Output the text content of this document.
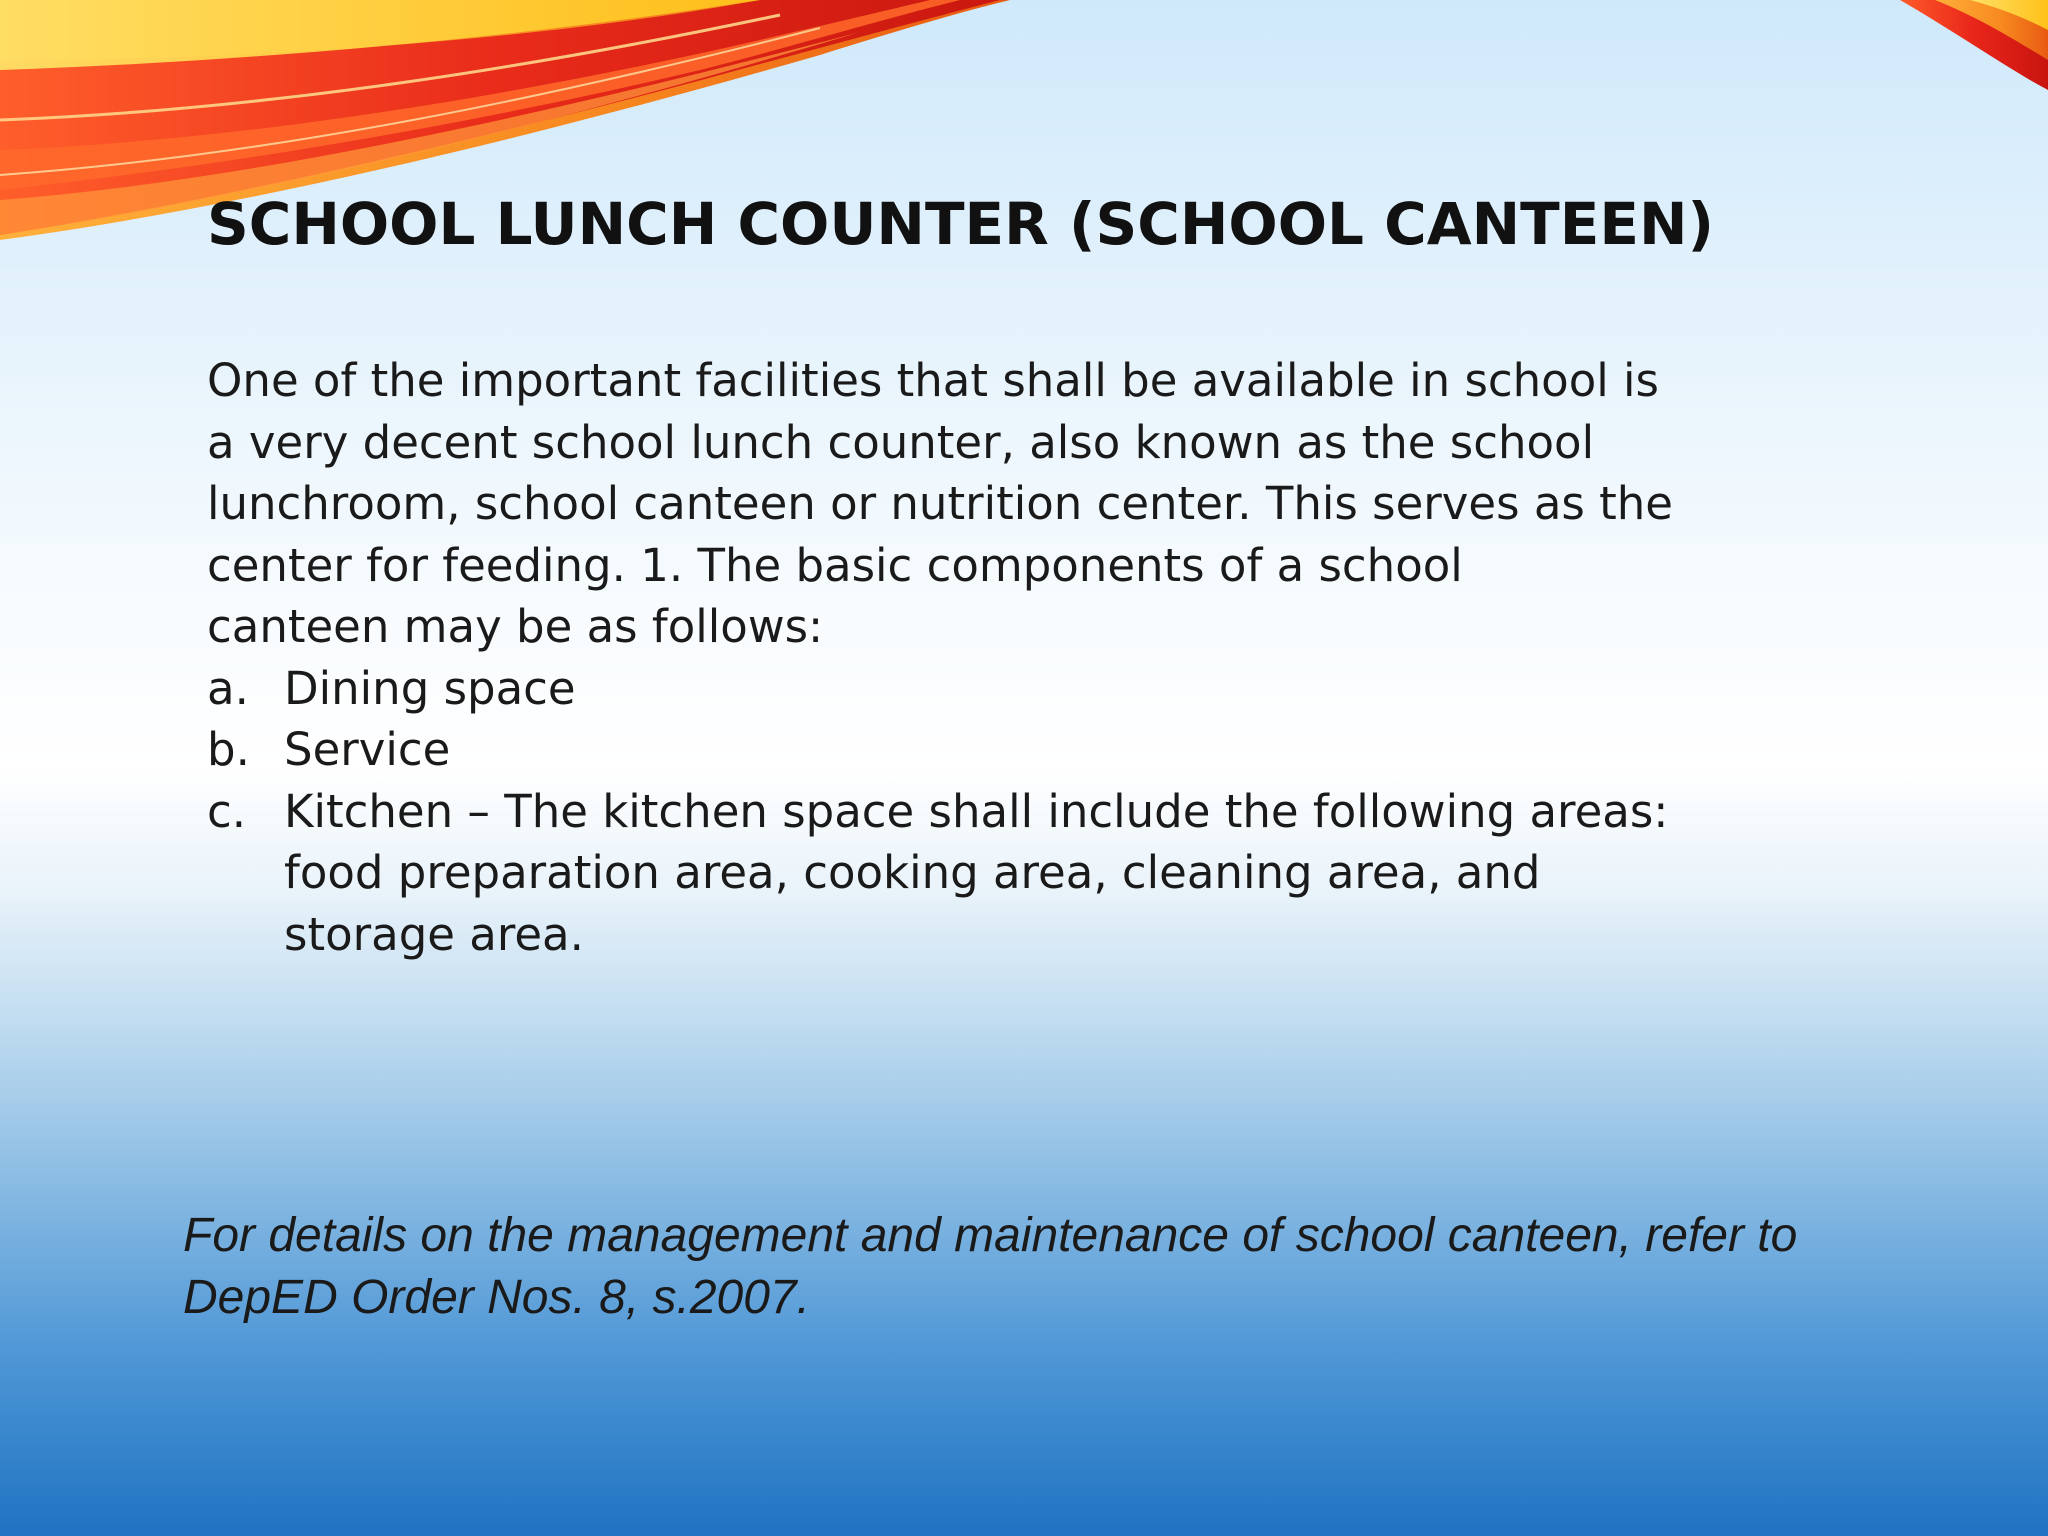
SCHOOL LUNCH COUNTER (SCHOOL CANTEEN)

One of the important facilities that shall be available in school is
a very decent school lunch counter, also known as the school
lunchroom, school canteen or nutrition center. This serves as the
center for feeding. 1. The basic components of a school
canteen may be as follows:

a. Dining space
b. Service
c. Kitchen – The kitchen space shall include the following areas:
food preparation area, cooking area, cleaning area, and
storage area.

For details on the management and maintenance of school canteen, refer to
DepED Order Nos. 8, s.2007.
